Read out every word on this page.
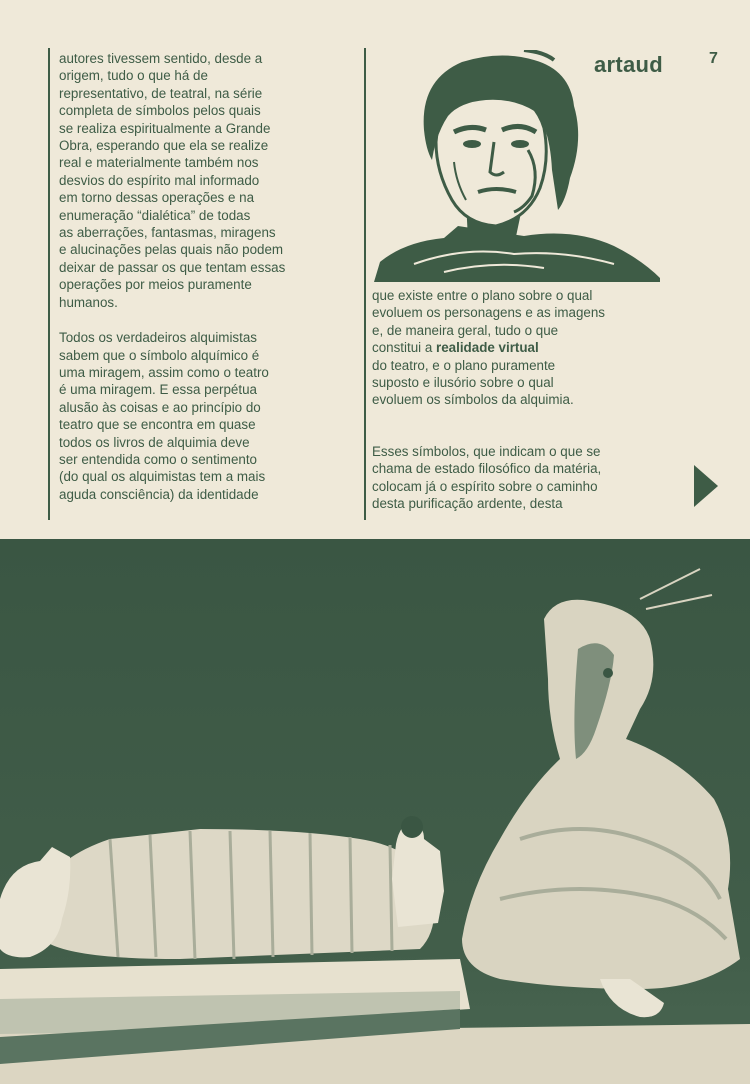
autores tivessem sentido, desde a
origem, tudo o que há de
representativo, de teatral, na série
completa de símbolos pelos quais
se realiza espiritualmente a Grande
Obra, esperando que ela se realize
real e materialmente também nos
desvios do espírito mal informado
em torno dessas operações e na
enumeração “dialética” de todas
as aberrações, fantasmas, miragens
e alucinações pelas quais não podem
deixar de passar os que tentam essas
operações por meios puramente
humanos.

Todos os verdadeiros alquimistas
sabem que o símbolo alquímico é
uma miragem, assim como o teatro
é uma miragem. E essa perpétua
alusão às coisas e ao princípio do
teatro que se encontra em quase
todos os livros de alquimia deve
ser entendida como o sentimento
(do qual os alquimistas tem a mais
aguda consciência) da identidade

artaud	7

que existe entre o plano sobre o qual
evoluem os personagens e as imagens
e, de maneira geral, tudo o que
constitui a realidade virtual
do teatro, e o plano puramente
suposto e ilusório sobre o qual
evoluem os símbolos da alquimia.

Esses símbolos, que indicam o que se
chama de estado filosófico da matéria,
colocam já o espírito sobre o caminho
desta purificação ardente, desta
